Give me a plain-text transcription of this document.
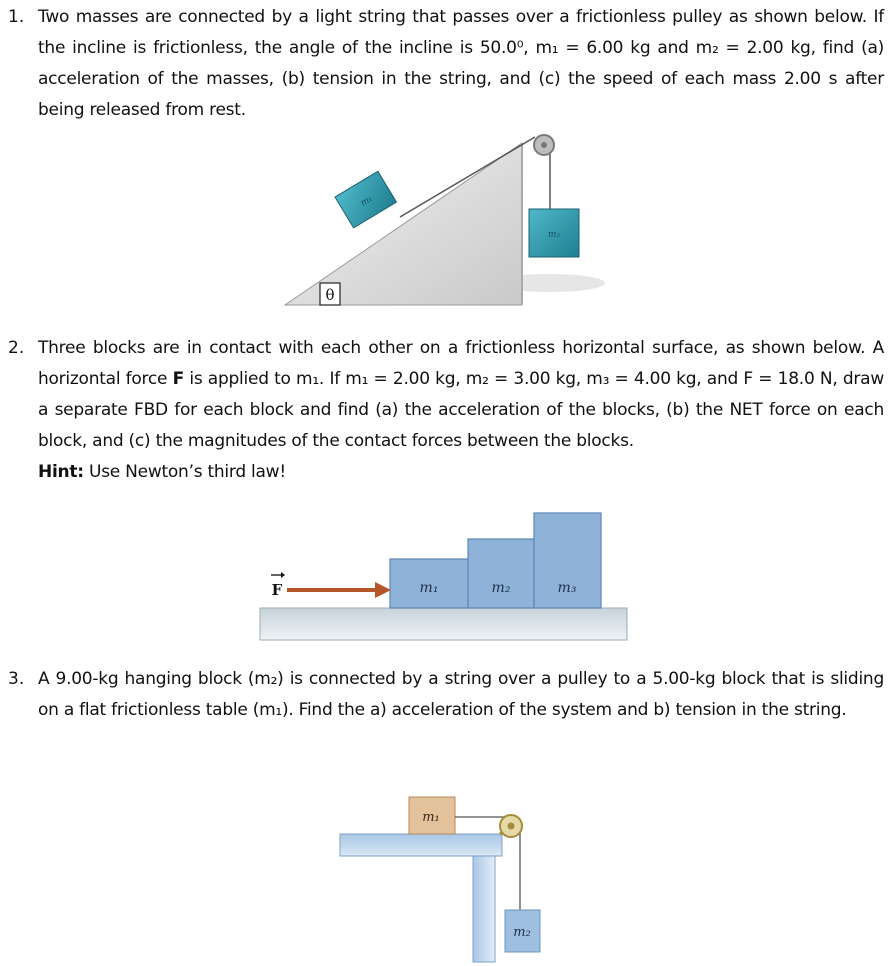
1. Two masses are connected by a light string that passes over a frictionless pulley as shown below. If the incline is frictionless, the angle of the incline is 50.0⁰, m₁ = 6.00 kg and m₂ = 2.00 kg, find (a) acceleration of the masses, (b) tension in the string, and (c) the speed of each mass 2.00 s after being released from rest.
m₁
m₂
θ
2. Three blocks are in contact with each other on a frictionless horizontal surface, as shown below. A horizontal force F is applied to m₁. If m₁ = 2.00 kg, m₂ = 3.00 kg, m₃ = 4.00 kg, and F = 18.0 N, draw a separate FBD for each block and find (a) the acceleration of the blocks, (b) the NET force on each block, and (c) the magnitudes of the contact forces between the blocks.
Hint: Use Newton’s third law!
m₁	m₂	m₃
F
3. A 9.00-kg hanging block (m₂) is connected by a string over a pulley to a 5.00-kg block that is sliding on a flat frictionless table (m₁). Find the a) acceleration of the system and b) tension in the string.
m₁
m₂
